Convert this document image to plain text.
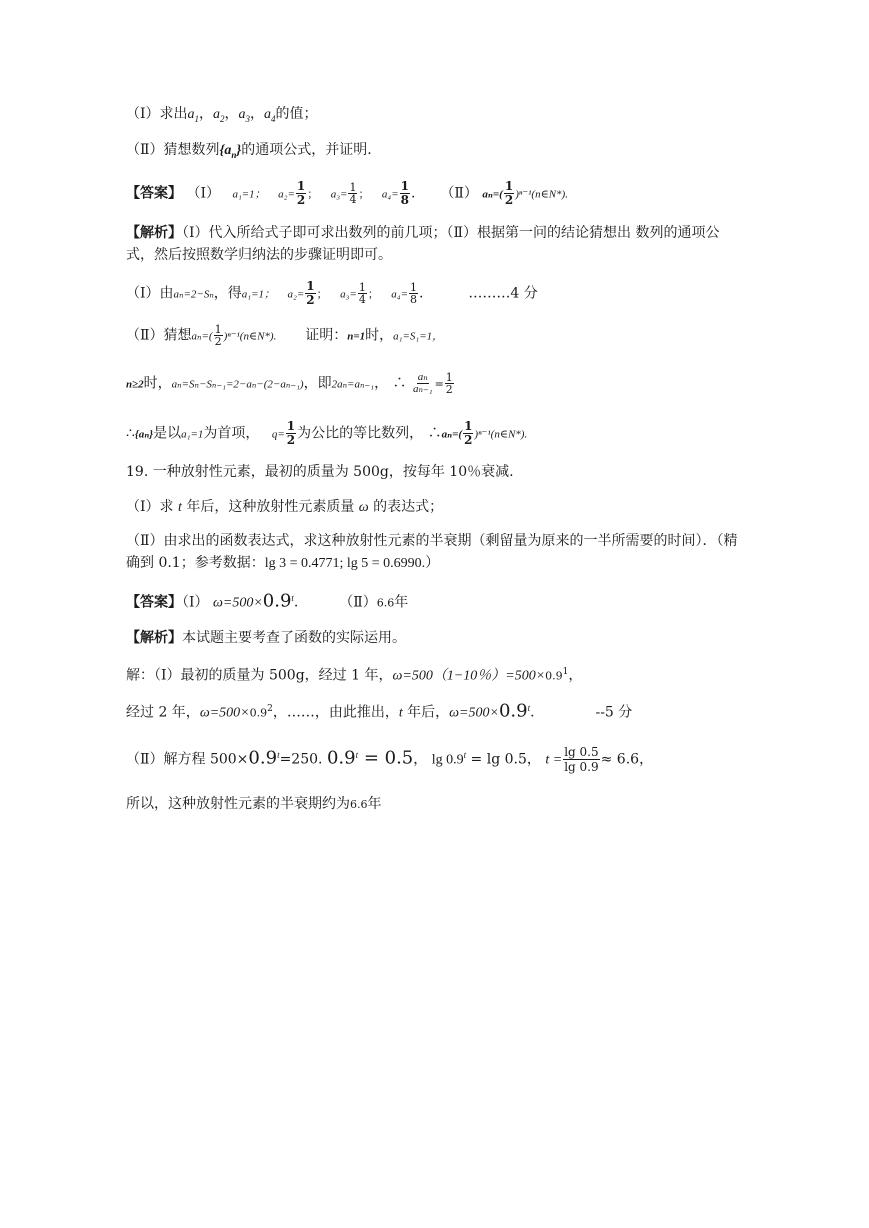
（Ⅰ）求出$a_1$，$a_2$，$a_3$，$a_4$的值；
（Ⅱ）猜想数列$\{a_n\}$的通项公式，并证明.
【答案】 （Ⅰ） a₁=1； $a_2= \frac{1}{2}$ ； $a_3= \frac{1}{4}$ ； $a_4= \frac{1}{8}$ . （Ⅱ） $a_n=( \frac{1}{2}$ )ⁿ⁻¹(n∈N*).
【解析】（Ⅰ）代入所给式子即可求出数列的前几项；（Ⅱ）根据第一问的结论猜想出 数列的通项公式，然后按照数学归纳法的步骤证明即可。
（Ⅰ）由aₙ=2−Sₙ，得a₁=1； $a_2= \frac{1}{2}$ ； $a_3= \frac{1}{4}$ ； $a_4= \frac{1}{8}$ .	………4 分
（Ⅱ）猜想$a_n=( \frac{1}{2}$ )ⁿ⁻¹(n∈N*). 证明：n=1时，a₁=S₁=1，
n≥2时，aₙ=Sₙ−Sₙ₋₁=2−aₙ−(2−aₙ₋₁)，即2aₙ=aₙ₋₁， ∴ $\frac{\text{aₙ}}{\text{aₙ₋₁}} = \frac{1}{2}$
∴{aₙ}是以a₁=1为首项， $q= \frac{1}{2}$ 为公比的等比数列， ∴aₙ=( $\frac{1}{2}$ )ⁿ⁻¹(n∈N*).
19. 一种放射性元素，最初的质量为 500g，按每年 10％衰减.
（Ⅰ）求 t 年后，这种放射性元素质量 ω 的表达式；
（Ⅱ）由求出的函数表达式，求这种放射性元素的半衰期（剩留量为原来的一半所需要的时间）．（精确到 0.1；参考数据：lg 3 = 0.4771; lg 5 = 0.6990.）
【答案】（Ⅰ） $\omega=500\times 0.9^t$.	（Ⅱ）6.6年
【解析】本试题主要考查了函数的实际运用。
解：（Ⅰ）最初的质量为 500g，经过 1 年，ω=500（1−10％）$=500\times 0.9^1$，
经过 2 年，$\omega=500\times 0.9^2$，……，由此推出，t 年后，$\omega=500\times 0.9^t$.	--5 分
（Ⅱ）解方程 $500\times 0.9^t=250$. $0.9^t = 0.5$， $\lg 0.9^t = \lg 0.5$， $t = \frac{\lg 0.5}{\lg 0.9} \approx 6.6$，
所以，这种放射性元素的半衰期约为6.6年
